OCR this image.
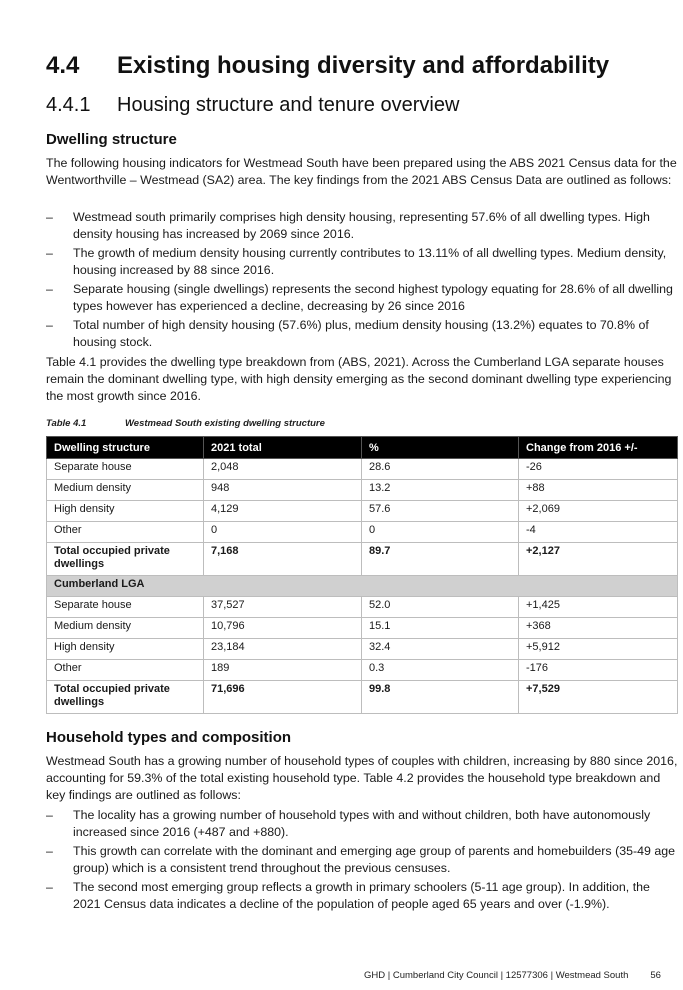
4.4 Existing housing diversity and affordability
4.4.1 Housing structure and tenure overview
Dwelling structure
The following housing indicators for Westmead South have been prepared using the ABS 2021 Census data for the Wentworthville – Westmead (SA2) area. The key findings from the 2021 ABS Census Data are outlined as follows:
– Westmead south primarily comprises high density housing, representing 57.6% of all dwelling types. High density housing has increased by 2069 since 2016.
– The growth of medium density housing currently contributes to 13.11% of all dwelling types. Medium density, housing increased by 88 since 2016.
– Separate housing (single dwellings) represents the second highest typology equating for 28.6% of all dwelling types however has experienced a decline, decreasing by 26 since 2016
– Total number of high density housing (57.6%) plus, medium density housing (13.2%) equates to 70.8% of housing stock.
Table 4.1 provides the dwelling type breakdown from (ABS, 2021). Across the Cumberland LGA separate houses remain the dominant dwelling type, with high density emerging as the second dominant dwelling type experiencing the most growth since 2016.
Table 4.1	Westmead South existing dwelling structure
Dwelling structure	2021 total	%	Change from 2016 +/-
Separate house	2,048	28.6	-26
Medium density	948	13.2	+88
High density	4,129	57.6	+2,069
Other	0	0	-4
Total occupied private dwellings	7,168	89.7	+2,127
Cumberland LGA			
Separate house	37,527	52.0	+1,425
Medium density	10,796	15.1	+368
High density	23,184	32.4	+5,912
Other	189	0.3	-176
Total occupied private dwellings	71,696	99.8	+7,529
Household types and composition
Westmead South has a growing number of household types of couples with children, increasing by 880 since 2016, accounting for 59.3% of the total existing household type. Table 4.2 provides the household type breakdown and key findings are outlined as follows:
– The locality has a growing number of household types with and without children, both have autonomously increased since 2016 (+487 and +880).
– This growth can correlate with the dominant and emerging age group of parents and homebuilders (35-49 age group) which is a consistent trend throughout the previous censuses.
– The second most emerging group reflects a growth in primary schoolers (5-11 age group). In addition, the 2021 Census data indicates a decline of the population of people aged 65 years and over (-1.9%).
GHD | Cumberland City Council | 12577306 | Westmead South 56
